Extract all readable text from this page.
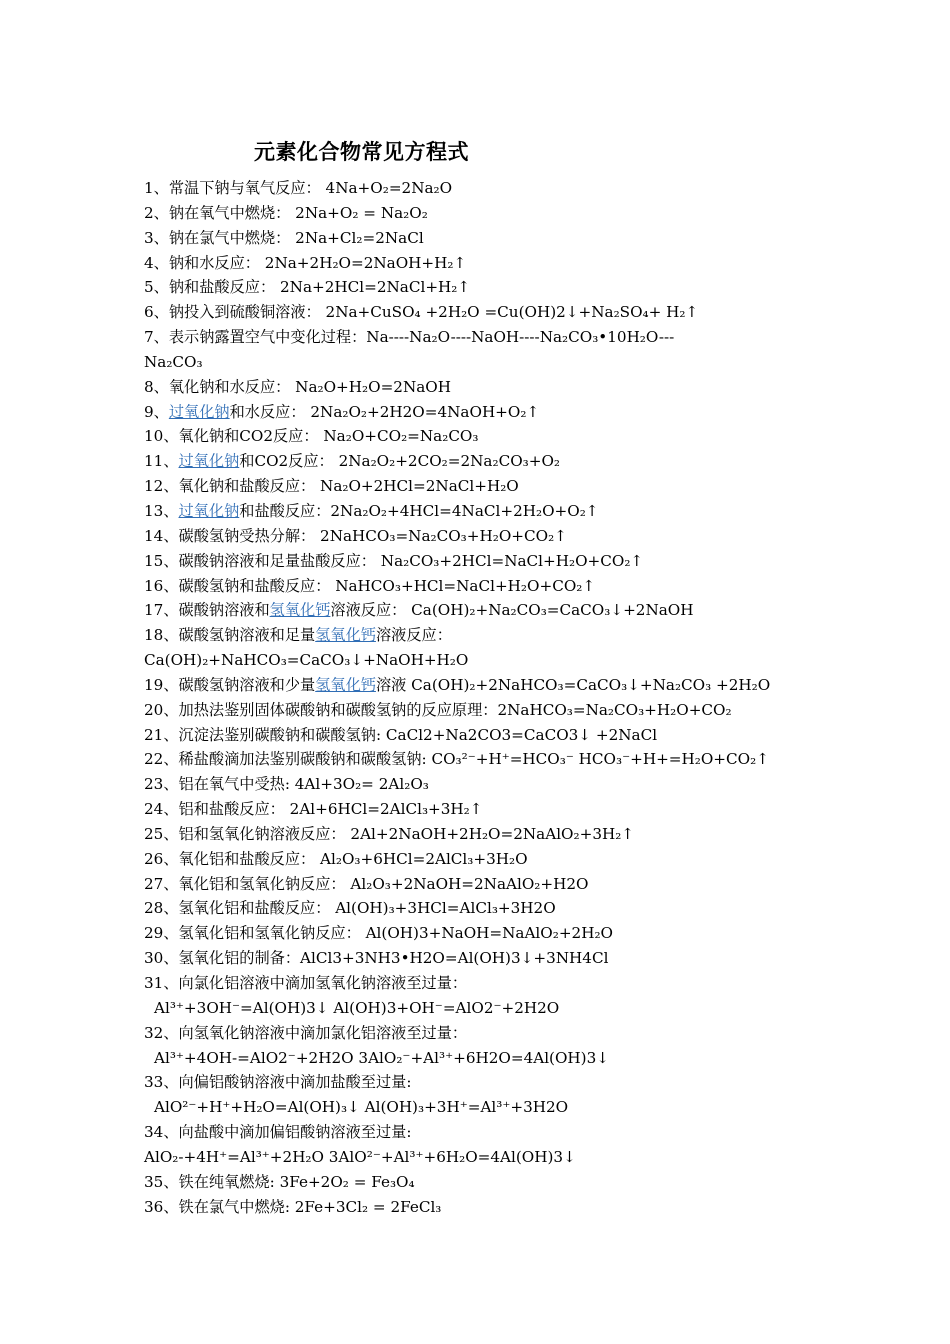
元素化合物常见方程式
1、常温下钠与氧气反应： 4Na+O₂=2Na₂O
2、钠在氧气中燃烧： 2Na+O₂ = Na₂O₂
3、钠在氯气中燃烧： 2Na+Cl₂=2NaCl
4、钠和水反应： 2Na+2H₂O=2NaOH+H₂↑
5、钠和盐酸反应： 2Na+2HCl=2NaCl+H₂↑
6、钠投入到硫酸铜溶液： 2Na+CuSO₄ +2H₂O =Cu(OH)2↓+Na₂SO₄+ H₂↑
7、表示钠露置空气中变化过程：Na----Na₂O----NaOH----Na₂CO₃•10H₂O---
Na₂CO₃
8、氧化钠和水反应： Na₂O+H₂O=2NaOH
9、过氧化钠和水反应： 2Na₂O₂+2H2O=4NaOH+O₂↑
10、氧化钠和CO2反应： Na₂O+CO₂=Na₂CO₃
11、过氧化钠和CO2反应： 2Na₂O₂+2CO₂=2Na₂CO₃+O₂
12、氧化钠和盐酸反应： Na₂O+2HCl=2NaCl+H₂O
13、过氧化钠和盐酸反应：2Na₂O₂+4HCl=4NaCl+2H₂O+O₂↑
14、碳酸氢钠受热分解： 2NaHCO₃=Na₂CO₃+H₂O+CO₂↑
15、碳酸钠溶液和足量盐酸反应： Na₂CO₃+2HCl=NaCl+H₂O+CO₂↑
16、碳酸氢钠和盐酸反应： NaHCO₃+HCl=NaCl+H₂O+CO₂↑
17、碳酸钠溶液和氢氧化钙溶液反应： Ca(OH)₂+Na₂CO₃=CaCO₃↓+2NaOH
18、碳酸氢钠溶液和足量氢氧化钙溶液反应：
Ca(OH)₂+NaHCO₃=CaCO₃↓+NaOH+H₂O
19、碳酸氢钠溶液和少量氢氧化钙溶液 Ca(OH)₂+2NaHCO₃=CaCO₃↓+Na₂CO₃ +2H₂O
20、加热法鉴别固体碳酸钠和碳酸氢钠的反应原理：2NaHCO₃=Na₂CO₃+H₂O+CO₂
21、沉淀法鉴别碳酸钠和碳酸氢钠: CaCl2+Na2CO3=CaCO3↓ +2NaCl
22、稀盐酸滴加法鉴别碳酸钠和碳酸氢钠: CO₃²⁻+H⁺=HCO₃⁻ HCO₃⁻+H+=H₂O+CO₂↑
23、铝在氧气中受热: 4Al+3O₂= 2Al₂O₃
24、铝和盐酸反应： 2Al+6HCl=2AlCl₃+3H₂↑
25、铝和氢氧化钠溶液反应： 2Al+2NaOH+2H₂O=2NaAlO₂+3H₂↑
26、氧化铝和盐酸反应： Al₂O₃+6HCl=2AlCl₃+3H₂O
27、氧化铝和氢氧化钠反应： Al₂O₃+2NaOH=2NaAlO₂+H2O
28、氢氧化铝和盐酸反应： Al(OH)₃+3HCl=AlCl₃+3H2O
29、氢氧化铝和氢氧化钠反应： Al(OH)3+NaOH=NaAlO₂+2H₂O
30、氢氧化铝的制备：AlCl3+3NH3•H2O=Al(OH)3↓+3NH4Cl
31、向氯化铝溶液中滴加氢氧化钠溶液至过量：
Al³⁺+3OH⁻=Al(OH)3↓ Al(OH)3+OH⁻=AlO2⁻+2H2O
32、向氢氧化钠溶液中滴加氯化铝溶液至过量：
Al³⁺+4OH-=AlO2⁻+2H2O 3AlO₂⁻+Al³⁺+6H2O=4Al(OH)3↓
33、向偏铝酸钠溶液中滴加盐酸至过量:
AlO²⁻+H⁺+H₂O=Al(OH)₃↓ Al(OH)₃+3H⁺=Al³⁺+3H2O
34、向盐酸中滴加偏铝酸钠溶液至过量:
AlO₂-+4H⁺=Al³⁺+2H₂O 3AlO²⁻+Al³⁺+6H₂O=4Al(OH)3↓
35、铁在纯氧燃烧: 3Fe+2O₂ = Fe₃O₄
36、铁在氯气中燃烧: 2Fe+3Cl₂ = 2FeCl₃
